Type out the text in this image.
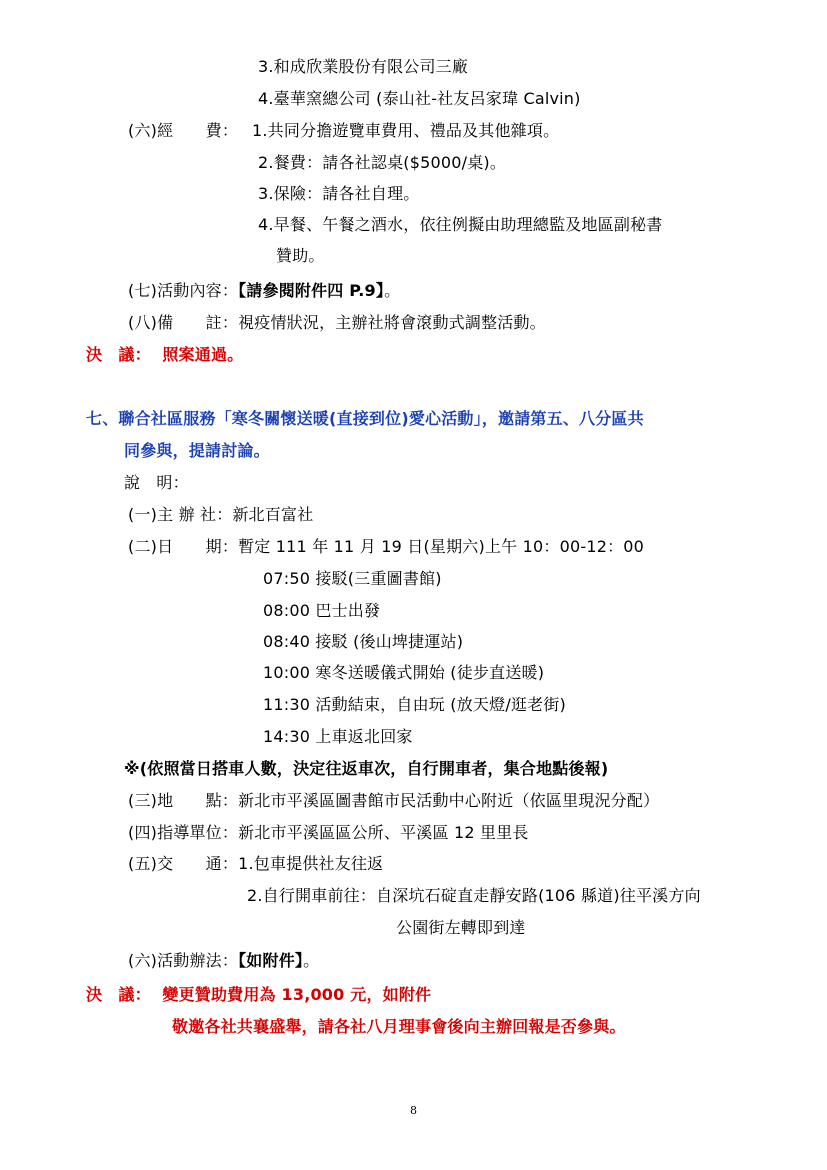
3.和成欣業股份有限公司三廠
4.臺華窯總公司 (泰山社-社友呂家瑋 Calvin)
(六)經　　費： 1.共同分擔遊覽車費用、禮品及其他雜項。
2.餐費：請各社認桌($5000/桌)。
3.保險：請各社自理。
4.早餐、午餐之酒水，依往例擬由助理總監及地區副秘書
贊助。
(七)活動內容：【請參閱附件四 P.9】。
(八)備　　註：視疫情狀況，主辦社將會滾動式調整活動。
決　議： 照案通過。
七、聯合社區服務「寒冬關懷送暖(直接到位)愛心活動」，邀請第五、八分區共
同參與，提請討論。
說　明：
(一)主 辦 社：新北百富社
(二)日　　期：暫定 111 年 11 月 19 日(星期六)上午 10：00-12：00
07:50 接駁(三重圖書館)
08:00 巴士出發
08:40 接駁 (後山埤捷運站)
10:00 寒冬送暖儀式開始 (徒步直送暖)
11:30 活動結束，自由玩 (放天燈/逛老街)
14:30 上車返北回家
※(依照當日搭車人數，決定往返車次，自行開車者，集合地點後報)
(三)地　　點：新北市平溪區圖書館市民活動中心附近（依區里現況分配）
(四)指導單位：新北市平溪區區公所、平溪區 12 里里長
(五)交　　通：1.包車提供社友往返
2.自行開車前往：自深坑石碇直走靜安路(106 縣道)往平溪方向
公園街左轉即到達
(六)活動辦法：【如附件】。
決　議： 變更贊助費用為 13,000 元，如附件
敬邀各社共襄盛舉，請各社八月理事會後向主辦回報是否參與。
8
